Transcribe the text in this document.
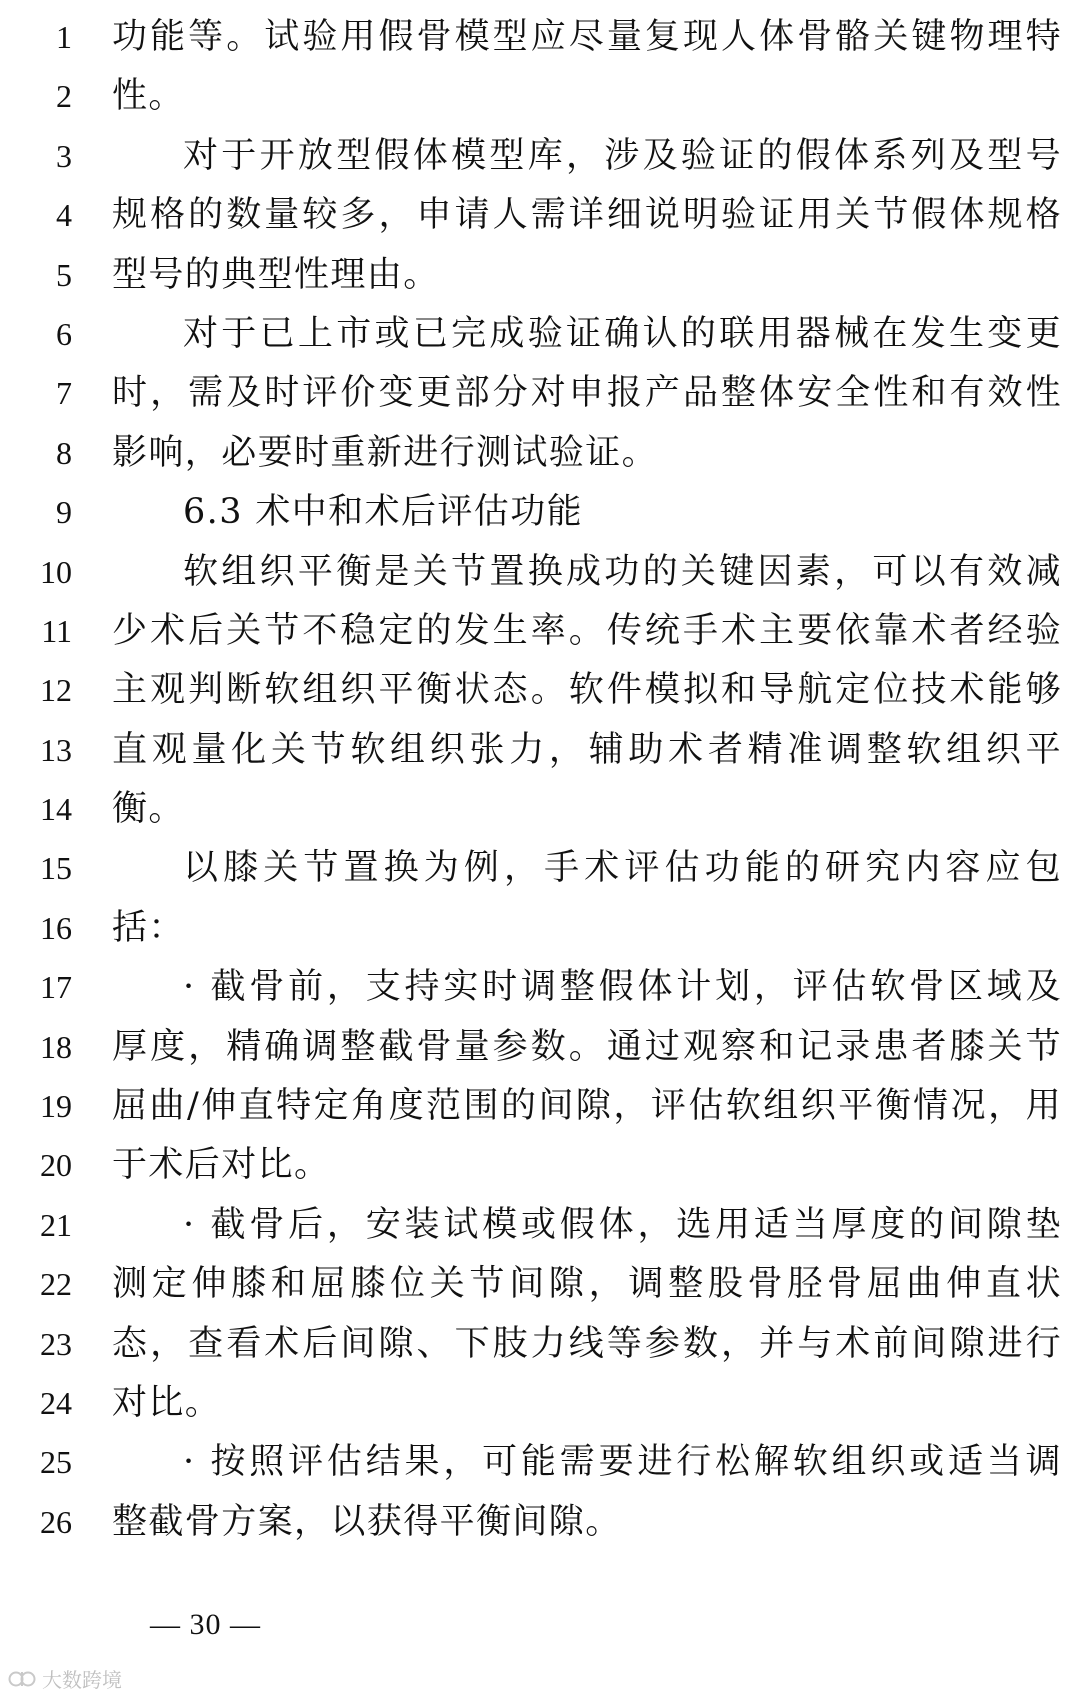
1 功能等。试验用假骨模型应尽量复现人体骨骼关键物理特
2 性。
3	对于开放型假体模型库，涉及验证的假体系列及型号
4 规格的数量较多，申请人需详细说明验证用关节假体规格
5 型号的典型性理由。
6	对于已上市或已完成验证确认的联用器械在发生变更
7 时，需及时评价变更部分对申报产品整体安全性和有效性
8 影响，必要时重新进行测试验证。
9	6.3 术中和术后评估功能
10	软组织平衡是关节置换成功的关键因素，可以有效减
11 少术后关节不稳定的发生率。传统手术主要依靠术者经验
12 主观判断软组织平衡状态。软件模拟和导航定位技术能够
13 直观量化关节软组织张力，辅助术者精准调整软组织平
14 衡。
15	以膝关节置换为例，手术评估功能的研究内容应包
16 括：
17	· 截骨前，支持实时调整假体计划，评估软骨区域及
18 厚度，精确调整截骨量参数。通过观察和记录患者膝关节
19 屈曲/伸直特定角度范围的间隙，评估软组织平衡情况，用
20 于术后对比。
21	· 截骨后，安装试模或假体，选用适当厚度的间隙垫
22 测定伸膝和屈膝位关节间隙，调整股骨胫骨屈曲伸直状
23 态，查看术后间隙、下肢力线等参数，并与术前间隙进行
24 对比。
25	· 按照评估结果，可能需要进行松解软组织或适当调
26 整截骨方案，以获得平衡间隙。
— 30 —
大数跨境
